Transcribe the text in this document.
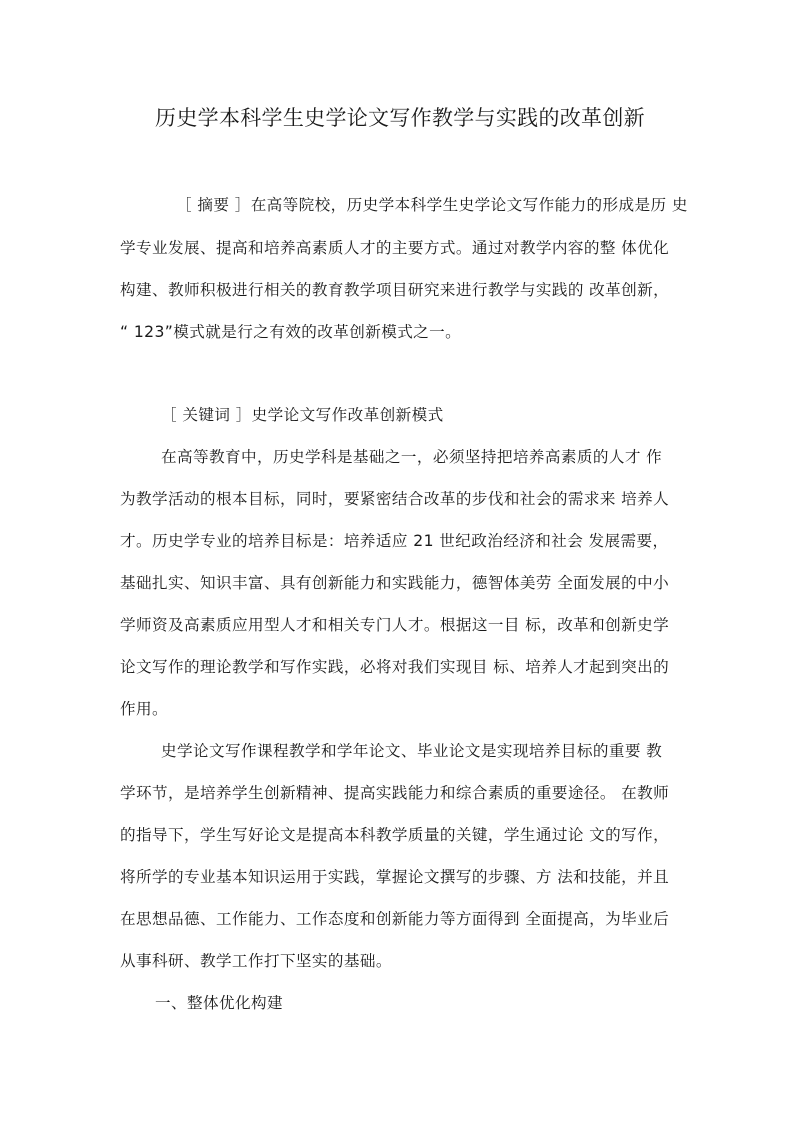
历史学本科学生史学论文写作教学与实践的改革创新
［ 摘要 ］在高等院校，历史学本科学生史学论文写作能力的形成是历 史
学专业发展、提高和培养高素质人才的主要方式。通过对教学内容的整 体优化
构建、教师积极进行相关的教育教学项目研究来进行教学与实践的 改革创新，
“ 123”模式就是行之有效的改革创新模式之一。
［ 关键词 ］史学论文写作改革创新模式
在高等教育中，历史学科是基础之一，必须坚持把培养高素质的人才 作
为教学活动的根本目标，同时，要紧密结合改革的步伐和社会的需求来 培养人
才。历史学专业的培养目标是：培养适应 21 世纪政治经济和社会 发展需要，
基础扎实、知识丰富、具有创新能力和实践能力，德智体美劳 全面发展的中小
学师资及高素质应用型人才和相关专门人才。根据这一目 标，改革和创新史学
论文写作的理论教学和写作实践，必将对我们实现目 标、培养人才起到突出的
作用。
史学论文写作课程教学和学年论文、毕业论文是实现培养目标的重要 教
学环节，是培养学生创新精神、提高实践能力和综合素质的重要途径。 在教师
的指导下，学生写好论文是提高本科教学质量的关键，学生通过论 文的写作，
将所学的专业基本知识运用于实践，掌握论文撰写的步骤、方 法和技能，并且
在思想品德、工作能力、工作态度和创新能力等方面得到 全面提高，为毕业后
从事科研、教学工作打下坚实的基础。
一、整体优化构建
